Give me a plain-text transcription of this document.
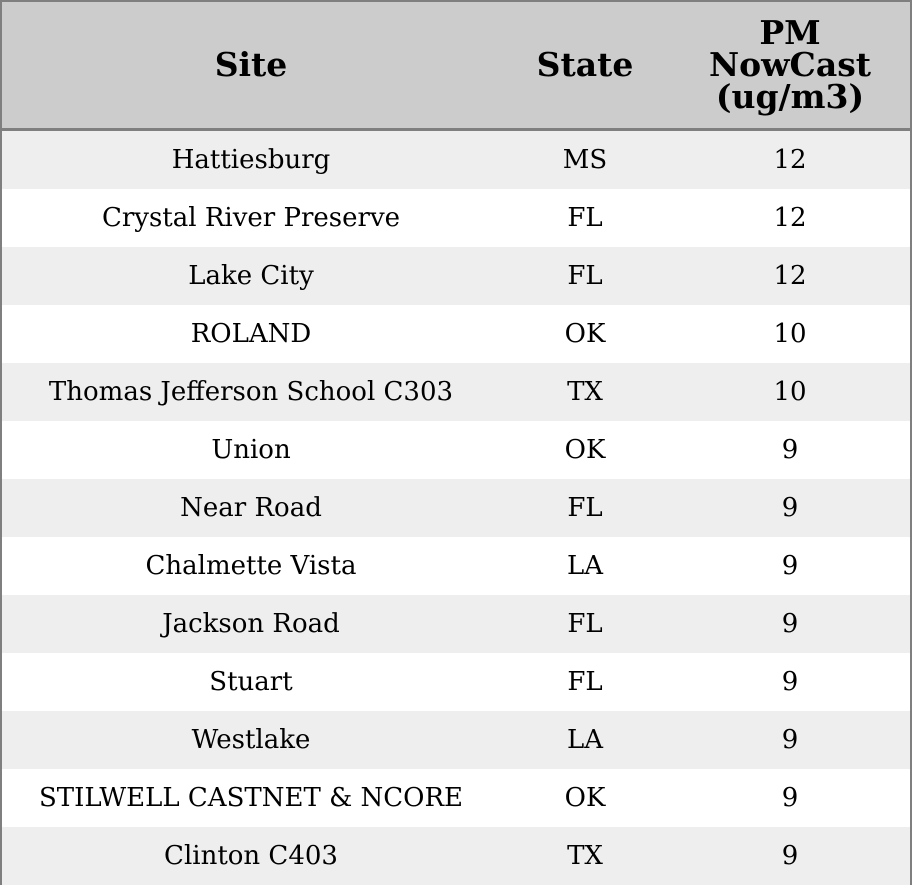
Site	State	PM
NowCast
(ug/m3)
Hattiesburg	MS	12
Crystal River Preserve	FL	12
Lake City	FL	12
ROLAND	OK	10
Thomas Jefferson School C303	TX	10
Union	OK	9
Near Road	FL	9
Chalmette Vista	LA	9
Jackson Road	FL	9
Stuart	FL	9
Westlake	LA	9
STILWELL CASTNET & NCORE	OK	9
Clinton C403	TX	9
